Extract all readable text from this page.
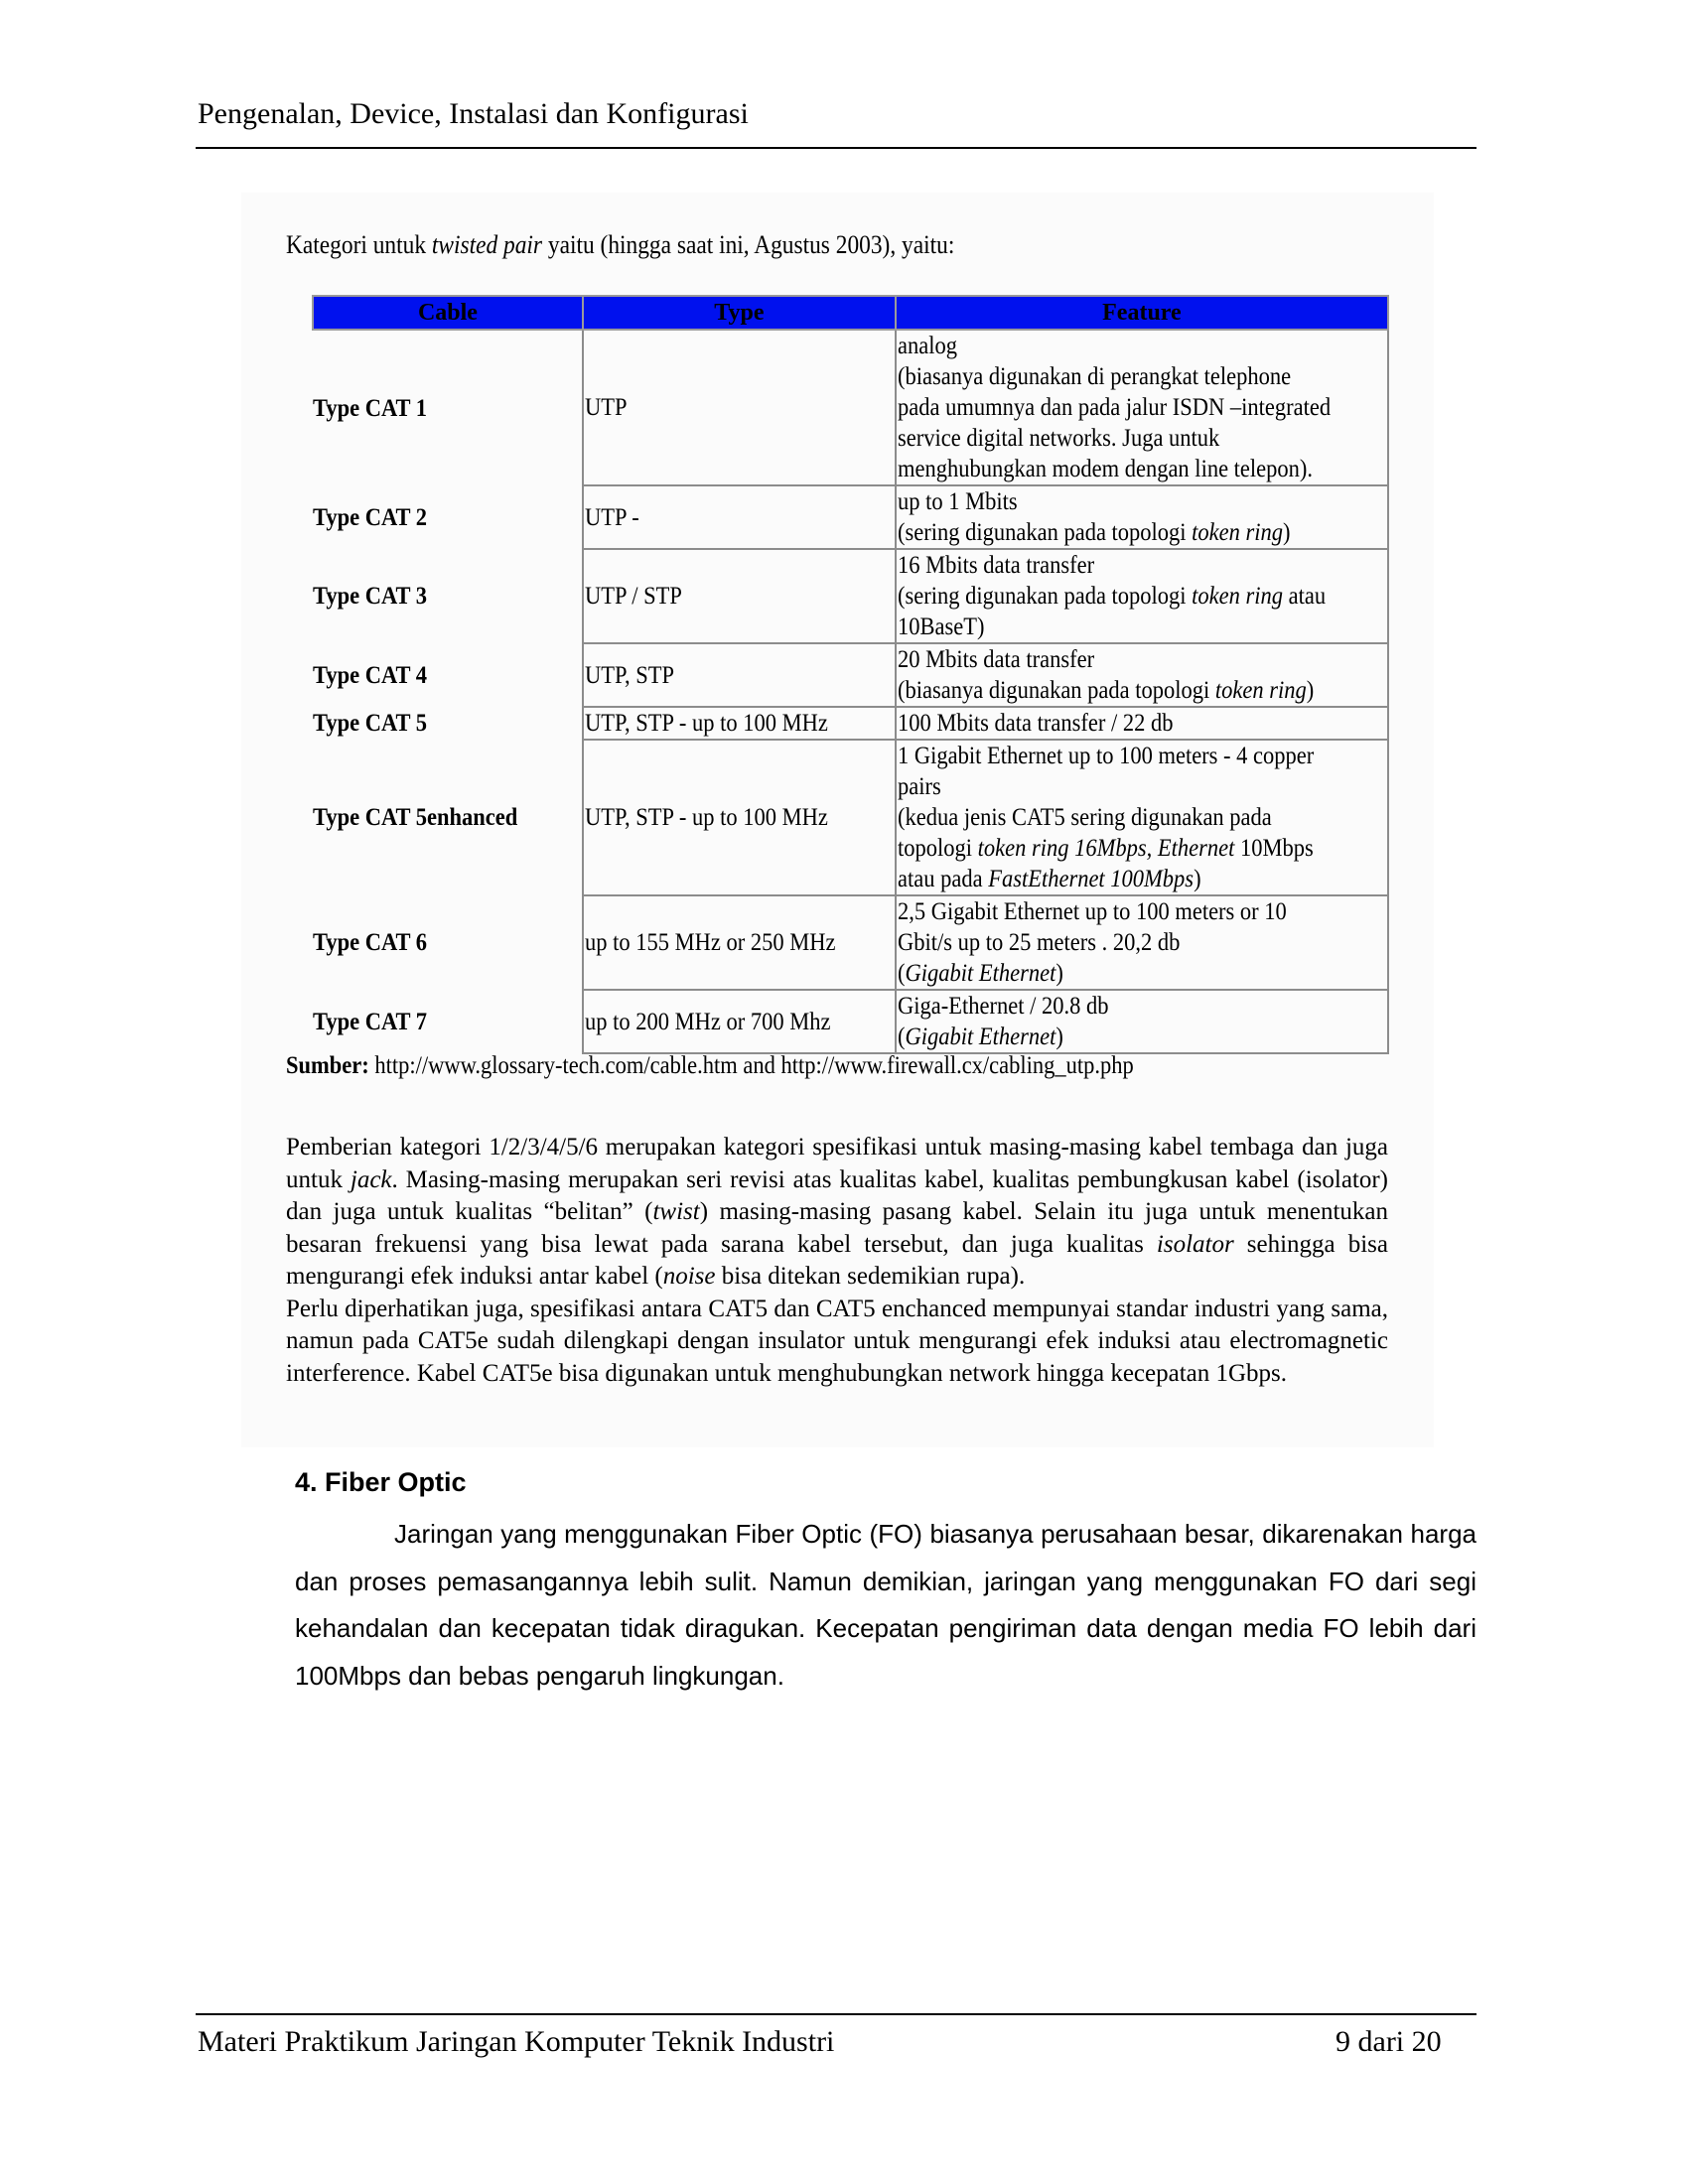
Pengenalan, Device, Instalasi dan Konfigurasi
Kategori untuk twisted pair yaitu (hingga saat ini, Agustus 2003), yaitu:
Cable	Type	Feature
Type CAT 1	UTP	analog
(biasanya digunakan di perangkat telephone
pada umumnya dan pada jalur ISDN –integrated
service digital networks. Juga untuk
menghubungkan modem dengan line telepon).

Type CAT 2	UTP -	up to 1 Mbits
(sering digunakan pada topologi token ring)

Type CAT 3	UTP / STP	16 Mbits data transfer
(sering digunakan pada topologi token ring atau
10BaseT)

Type CAT 4	UTP, STP	20 Mbits data transfer
(biasanya digunakan pada topologi token ring)

Type CAT 5	UTP, STP - up to 100 MHz	100 Mbits data transfer / 22 db

Type CAT 5enhanced	UTP, STP - up to 100 MHz	1 Gigabit Ethernet up to 100 meters - 4 copper
pairs
(kedua jenis CAT5 sering digunakan pada
topologi token ring 16Mbps, Ethernet 10Mbps
atau pada FastEthernet 100Mbps)

Type CAT 6	up to 155 MHz or 250 MHz	2,5 Gigabit Ethernet up to 100 meters or 10
Gbit/s up to 25 meters . 20,2 db
(Gigabit Ethernet)

Type CAT 7	up to 200 MHz or 700 Mhz	Giga-Ethernet / 20.8 db
(Gigabit Ethernet)
Sumber: http://www.glossary-tech.com/cable.htm and http://www.firewall.cx/cabling_utp.php

Pemberian kategori 1/2/3/4/5/6 merupakan kategori spesifikasi untuk masing-masing kabel tembaga dan juga untuk jack. Masing-masing merupakan seri revisi atas kualitas kabel, kualitas pembungkusan kabel (isolator) dan juga untuk kualitas “belitan” (twist) masing-masing pasang kabel. Selain itu juga untuk menentukan besaran frekuensi yang bisa lewat pada sarana kabel tersebut, dan juga kualitas isolator sehingga bisa mengurangi efek induksi antar kabel (noise bisa ditekan sedemikian rupa).

Perlu diperhatikan juga, spesifikasi antara CAT5 dan CAT5 enchanced mempunyai standar industri yang sama, namun pada CAT5e sudah dilengkapi dengan insulator untuk mengurangi efek induksi atau electromagnetic interference. Kabel CAT5e bisa digunakan untuk menghubungkan network hingga kecepatan 1Gbps.

4. Fiber Optic
Jaringan yang menggunakan Fiber Optic (FO) biasanya perusahaan besar, dikarenakan harga dan proses pemasangannya lebih sulit. Namun demikian, jaringan yang menggunakan FO dari segi kehandalan dan kecepatan tidak diragukan. Kecepatan pengiriman data dengan media FO lebih dari 100Mbps dan bebas pengaruh lingkungan.
Materi Praktikum Jaringan Komputer Teknik Industri	9 dari 20
